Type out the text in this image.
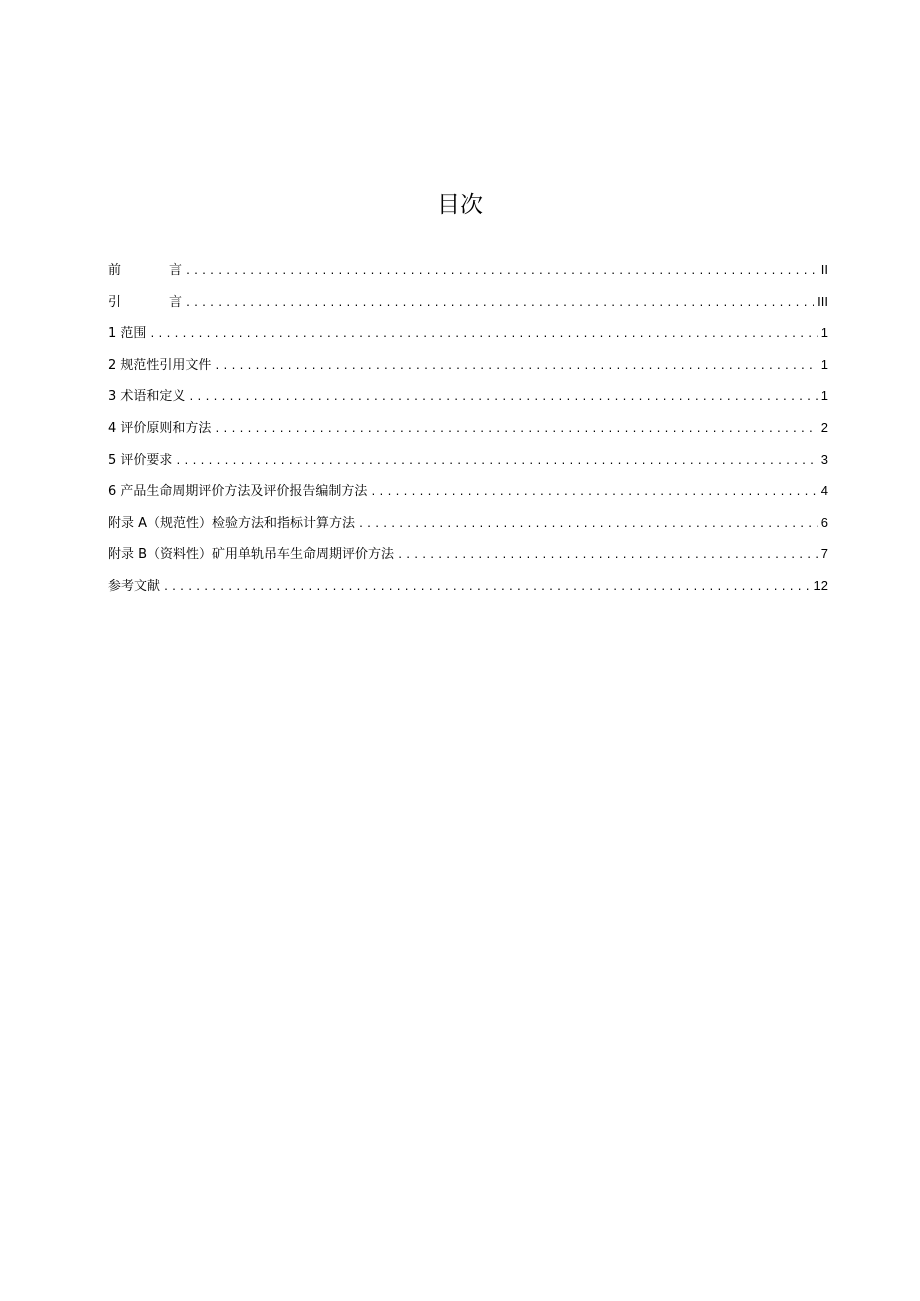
目次
前	言 .....	II
引	言 .....	III
1 范围 .....	1
2 规范性引用文件 .....	1
3 术语和定义 .....	1
4 评价原则和方法 .....	2
5 评价要求 .....	3
6 产品生命周期评价方法及评价报告编制方法 .....	4
附录 A（规范性）检验方法和指标计算方法 .....	6
附录 B（资料性）矿用单轨吊车生命周期评价方法 .....	7
参考文献 .....	12
